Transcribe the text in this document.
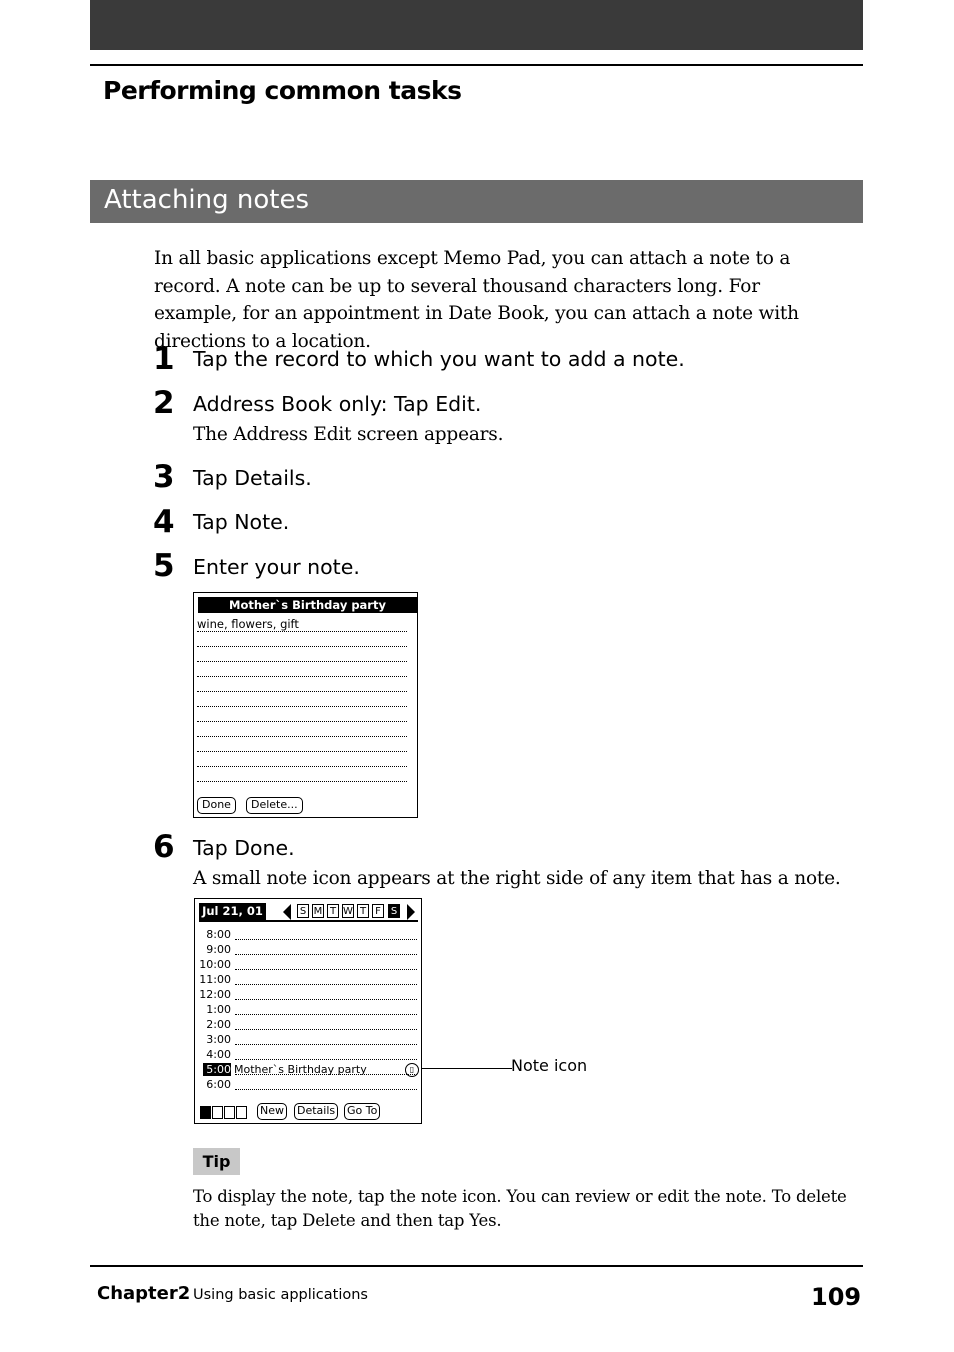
Performing common tasks
Attaching notes
In all basic applications except Memo Pad, you can attach a note to a record. A note can be up to several thousand characters long. For example, for an appointment in Date Book, you can attach a note with directions to a location.
1 Tap the record to which you want to add a note.
2 Address Book only: Tap Edit.
The Address Edit screen appears.
3 Tap Details.
4 Tap Note.
5 Enter your note.
Mother`s Birthday party
wine, flowers, gift
Done	Delete...
6 Tap Done.
A small note icon appears at the right side of any item that has a note.
Jul 21, 01	S M T W T F S
8:00
9:00
10:00
11:00
12:00
1:00
2:00
3:00
4:00
5:00 Mother`s Birthday party	▯
6:00
New Details Go To
Note icon
Tip
To display the note, tap the note icon. You can review or edit the note. To delete the note, tap Delete and then tap Yes.
Chapter2 Using basic applications	109
